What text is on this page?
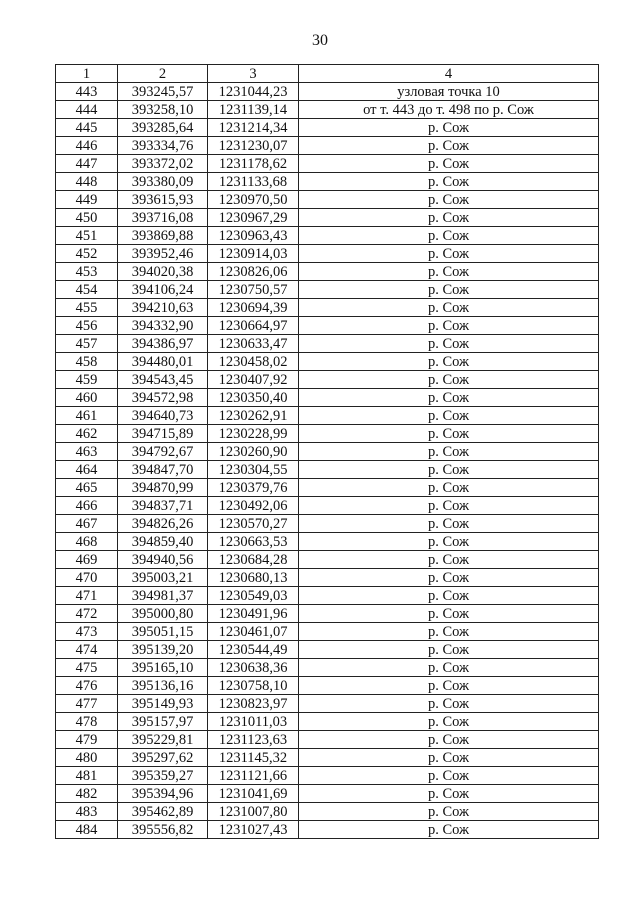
30
1	2	3	4
443	393245,57	1231044,23	узловая точка 10
444	393258,10	1231139,14	от т. 443 до т. 498 по р. Сож
445	393285,64	1231214,34	р. Сож
446	393334,76	1231230,07	р. Сож
447	393372,02	1231178,62	р. Сож
448	393380,09	1231133,68	р. Сож
449	393615,93	1230970,50	р. Сож
450	393716,08	1230967,29	р. Сож
451	393869,88	1230963,43	р. Сож
452	393952,46	1230914,03	р. Сож
453	394020,38	1230826,06	р. Сож
454	394106,24	1230750,57	р. Сож
455	394210,63	1230694,39	р. Сож
456	394332,90	1230664,97	р. Сож
457	394386,97	1230633,47	р. Сож
458	394480,01	1230458,02	р. Сож
459	394543,45	1230407,92	р. Сож
460	394572,98	1230350,40	р. Сож
461	394640,73	1230262,91	р. Сож
462	394715,89	1230228,99	р. Сож
463	394792,67	1230260,90	р. Сож
464	394847,70	1230304,55	р. Сож
465	394870,99	1230379,76	р. Сож
466	394837,71	1230492,06	р. Сож
467	394826,26	1230570,27	р. Сож
468	394859,40	1230663,53	р. Сож
469	394940,56	1230684,28	р. Сож
470	395003,21	1230680,13	р. Сож
471	394981,37	1230549,03	р. Сож
472	395000,80	1230491,96	р. Сож
473	395051,15	1230461,07	р. Сож
474	395139,20	1230544,49	р. Сож
475	395165,10	1230638,36	р. Сож
476	395136,16	1230758,10	р. Сож
477	395149,93	1230823,97	р. Сож
478	395157,97	1231011,03	р. Сож
479	395229,81	1231123,63	р. Сож
480	395297,62	1231145,32	р. Сож
481	395359,27	1231121,66	р. Сож
482	395394,96	1231041,69	р. Сож
483	395462,89	1231007,80	р. Сож
484	395556,82	1231027,43	р. Сож
